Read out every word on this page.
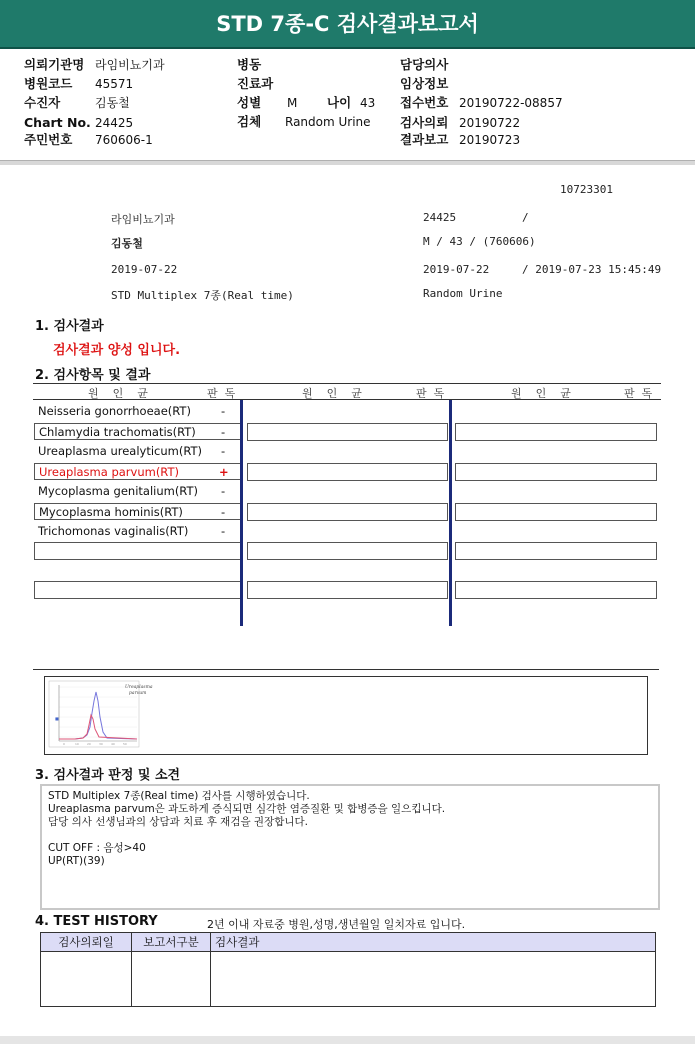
STD 7종-C 검사결과보고서
의뢰기관명 라임비뇨기과
병원코드 45571
수진자	김동철
Chart No. 24425
주민번호 760606-1
병동
진료과
성별 M 나이 43
검체 Random Urine
담당의사
임상정보
접수번호 20190722-08857
검사의뢰 20190722
결과보고 20190723
10723301
라임비뇨기과	24425	/
김동철	M / 43 / (760606)
2019-07-22	2019-07-22	/ 2019-07-23 15:45:49
STD Multiplex 7종(Real time)	Random Urine
1. 검사결과
검사결과 양성 입니다.
2. 검사항목 및 결과
원    인    균	판  독	원    인    균	판  독	원    인    균	판  독
Neisseria gonorrhoeae(RT)	-
Chlamydia trachomatis(RT) -
Ureaplasma urealyticum(RT) -
Ureaplasma parvum(RT)	+
Mycoplasma genitalium(RT) -
Mycoplasma hominis(RT)	-
Trichomonas vaginalis(RT)	-
■
0	10	20	30	40	50
Ureaplasma
parvum
3. 검사결과 판정 및 소견
STD Multiplex 7종(Real time) 검사를 시행하였습니다.
Ureaplasma parvum은 과도하게 증식되면 심각한 염증질환 및 합병증을 일으킵니다.
담당 의사 선생님과의 상담과 치료 후 재검을 권장합니다.
CUT OFF : 음성>40
UP(RT)(39)
4. TEST HISTORY	2년 이내 자료중 병원,성명,생년월일 일치자료 입니다.
검사의뢰일	보고서구분	검사결과
